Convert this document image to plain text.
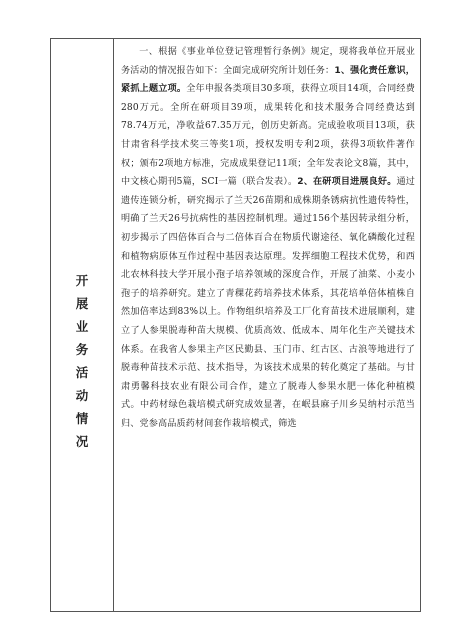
开
展
业
务
活
动
情
况

一、根据《事业单位登记管理暂行条例》规定，现将我单位开展业务活动的情况报告如下：全面完成研究所计划任务：1、强化责任意识，紧抓上题立项。全年申报各类项目30多项，获得立项目14项，合同经费280万元。全所在研项目39项，成果转化和技术服务合同经费达到78.74万元，净收益67.35万元，创历史新高。完成验收项目13项，获甘肃省科学技术奖三等奖1项，授权发明专利2项，获得3项软件著作权；颁布2项地方标准，完成成果登记11项；全年发表论文8篇，其中，中文核心期刊5篇，SCI一篇（联合发表）。2、在研项目进展良好。通过遗传连锁分析，研究揭示了兰天26苗期和成株期条锈病抗性遗传特性，明确了兰天26号抗病性的基因控制机理。通过156个基因转录组分析，初步揭示了四倍体百合与二倍体百合在物质代谢途径、氧化磷酸化过程和植物病原体互作过程中基因表达原理。发挥细胞工程技术优势，和西北农林科技大学开展小孢子培养领域的深度合作，开展了油菜、小麦小孢子的培养研究。建立了青稞花药培养技术体系，其花培单倍体植株自然加倍率达到83%以上。作物组织培养及工厂化育苗技术进展顺利，建立了人参果脱毒种苗大规模、优质高效、低成本、周年化生产关键技术体系。在我省人参果主产区民勤县、玉门市、红古区、古浪等地进行了脱毒种苗技术示范、技术指导，为该技术成果的转化奠定了基础。与甘肃勇馨科技农业有限公司合作，建立了脱毒人参果水肥一体化种植模式。中药材绿色栽培模式研究成效显著，在岷县麻子川乡吴纳村示范当归、党参高品质药材间套作栽培模式，筛选
